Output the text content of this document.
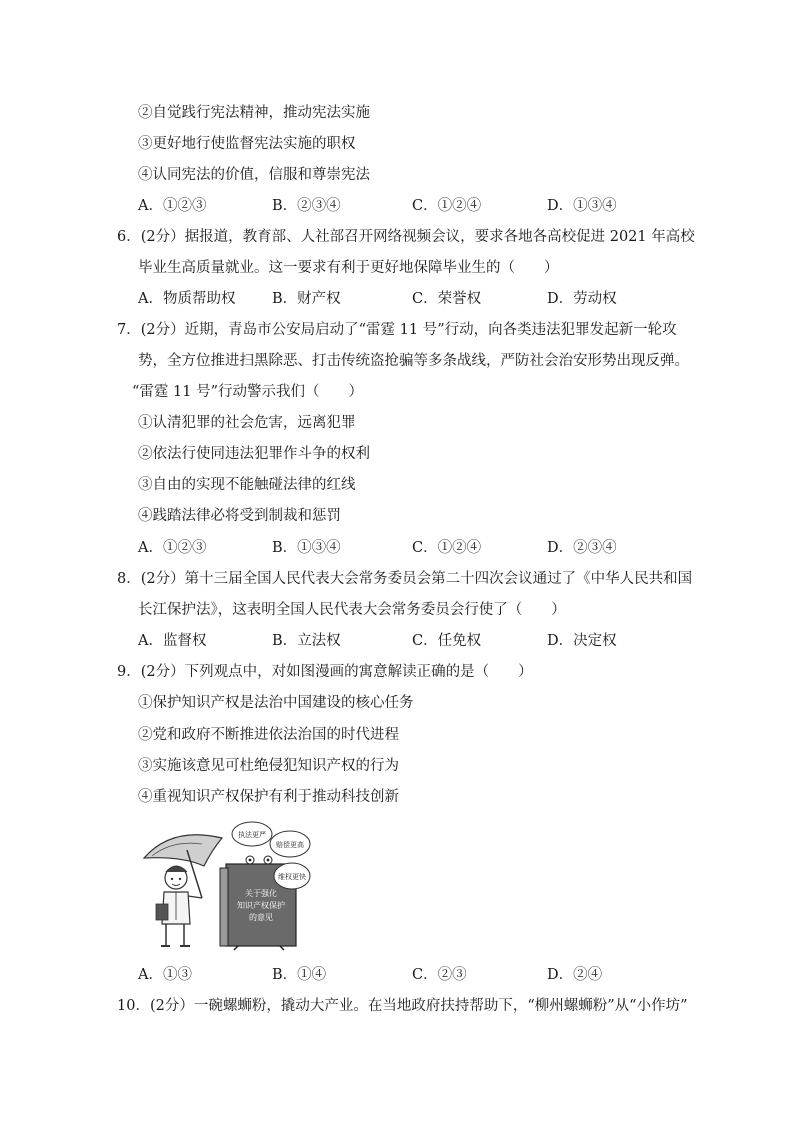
②自觉践行宪法精神，推动宪法实施
③更好地行使监督宪法实施的职权
④认同宪法的价值，信服和尊崇宪法
A．①②③	B．②③④	C．①②④	D．①③④
6．(2分）据报道，教育部、人社部召开网络视频会议，要求各地各高校促进 2021 年高校
毕业生高质量就业。这一要求有利于更好地保障毕业生的（　　）
A．物质帮助权	B．财产权	C．荣誉权	D．劳动权
7．(2分）近期，青岛市公安局启动了“雷霆 11 号”行动，向各类违法犯罪发起新一轮攻
势，全方位推进扫黑除恶、打击传统盗抢骗等多条战线，严防社会治安形势出现反弹。
“雷霆 11 号”行动警示我们（　　）
①认清犯罪的社会危害，远离犯罪
②依法行使同违法犯罪作斗争的权利
③自由的实现不能触碰法律的红线
④践踏法律必将受到制裁和惩罚
A．①②③	B．①③④	C．①②④	D．②③④
8．(2分）第十三届全国人民代表大会常务委员会第二十四次会议通过了《中华人民共和国
长江保护法》，这表明全国人民代表大会常务委员会行使了（　　）
A．监督权	B．立法权	C．任免权	D．决定权
9．(2分）下列观点中，对如图漫画的寓意解读正确的是（　　）
①保护知识产权是法治中国建设的核心任务
②党和政府不断推进依法治国的时代进程
③实施该意见可杜绝侵犯知识产权的行为
④重视知识产权保护有利于推动科技创新
关于强化
知识产权保护
的意见
执法更严
赔偿更高
维权更快
A．①③	B．①④	C．②③	D．②④
10．(2分）一碗螺蛳粉，撬动大产业。在当地政府扶持帮助下，“柳州螺蛳粉”从“小作坊”
